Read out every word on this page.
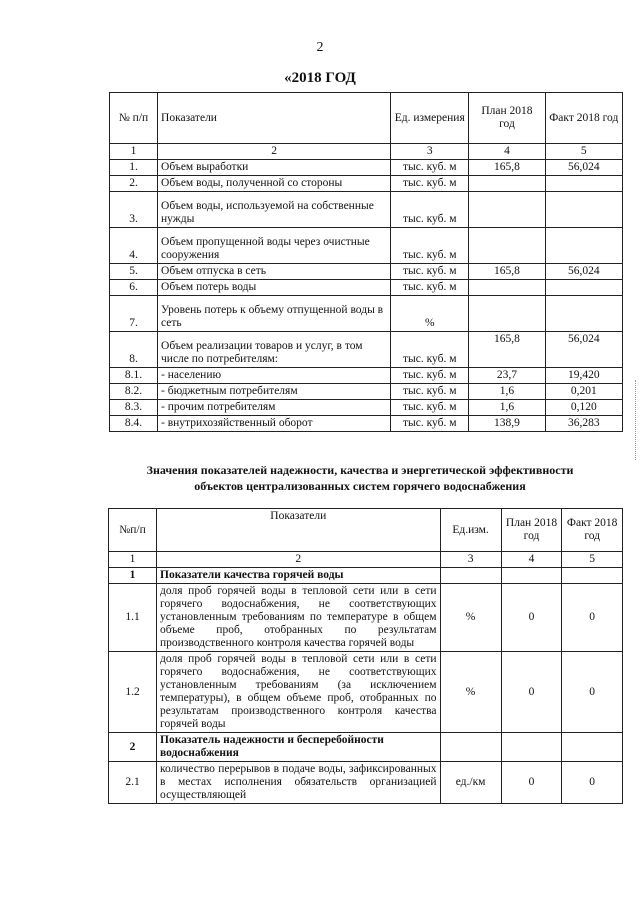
2
«2018 ГОД
№ п/п	Показатели	Ед. измерения	План 2018 год	Факт 2018 год
1	2	3	4	5
1.	Объем выработки	тыс. куб. м	165,8	56,024
2.	Объем воды, полученной со стороны	тыс. куб. м		
3.	Объем воды, используемой на собственные нужды	тыс. куб. м		
4.	Объем пропущенной воды через очистные сооружения	тыс. куб. м		
5.	Объем отпуска в сеть	тыс. куб. м	165,8	56,024
6.	Объем потерь воды	тыс. куб. м		
7.	Уровень потерь к объему отпущенной воды в сеть	%		
8.	Объем реализации товаров и услуг, в том числе по потребителям:	тыс. куб. м	165,8	56,024
8.1.	- населению	тыс. куб. м	23,7	19,420
8.2.	- бюджетным потребителям	тыс. куб. м	1,6	0,201
8.3.	- прочим потребителям	тыс. куб. м	1,6	0,120
8.4.	- внутрихозяйственный оборот	тыс. куб. м	138,9	36,283
Значения показателей надежности, качества и энергетической эффективности
объектов централизованных систем горячего водоснабжения
№п/п	Показатели	Ед.изм.	План 2018 год	Факт 2018 год
1	2	3	4	5
1	Показатели качества горячей воды			
1.1	доля проб горячей воды в тепловой сети или в сети горячего водоснабжения, не соответствующих установленным требованиям по температуре в общем объеме проб, отобранных по результатам производственного контроля качества горячей воды	%	0	0
1.2	доля проб горячей воды в тепловой сети или в сети горячего водоснабжения, не соответствующих установленным требованиям (за исключением температуры), в общем объеме проб, отобранных по результатам производственного контроля качества горячей воды	%	0	0
2	Показатель надежности и бесперебойности водоснабжения			
2.1	количество перерывов в подаче воды, зафиксированных в местах исполнения обязательств организацией осуществляющей	ед./км	0	0
